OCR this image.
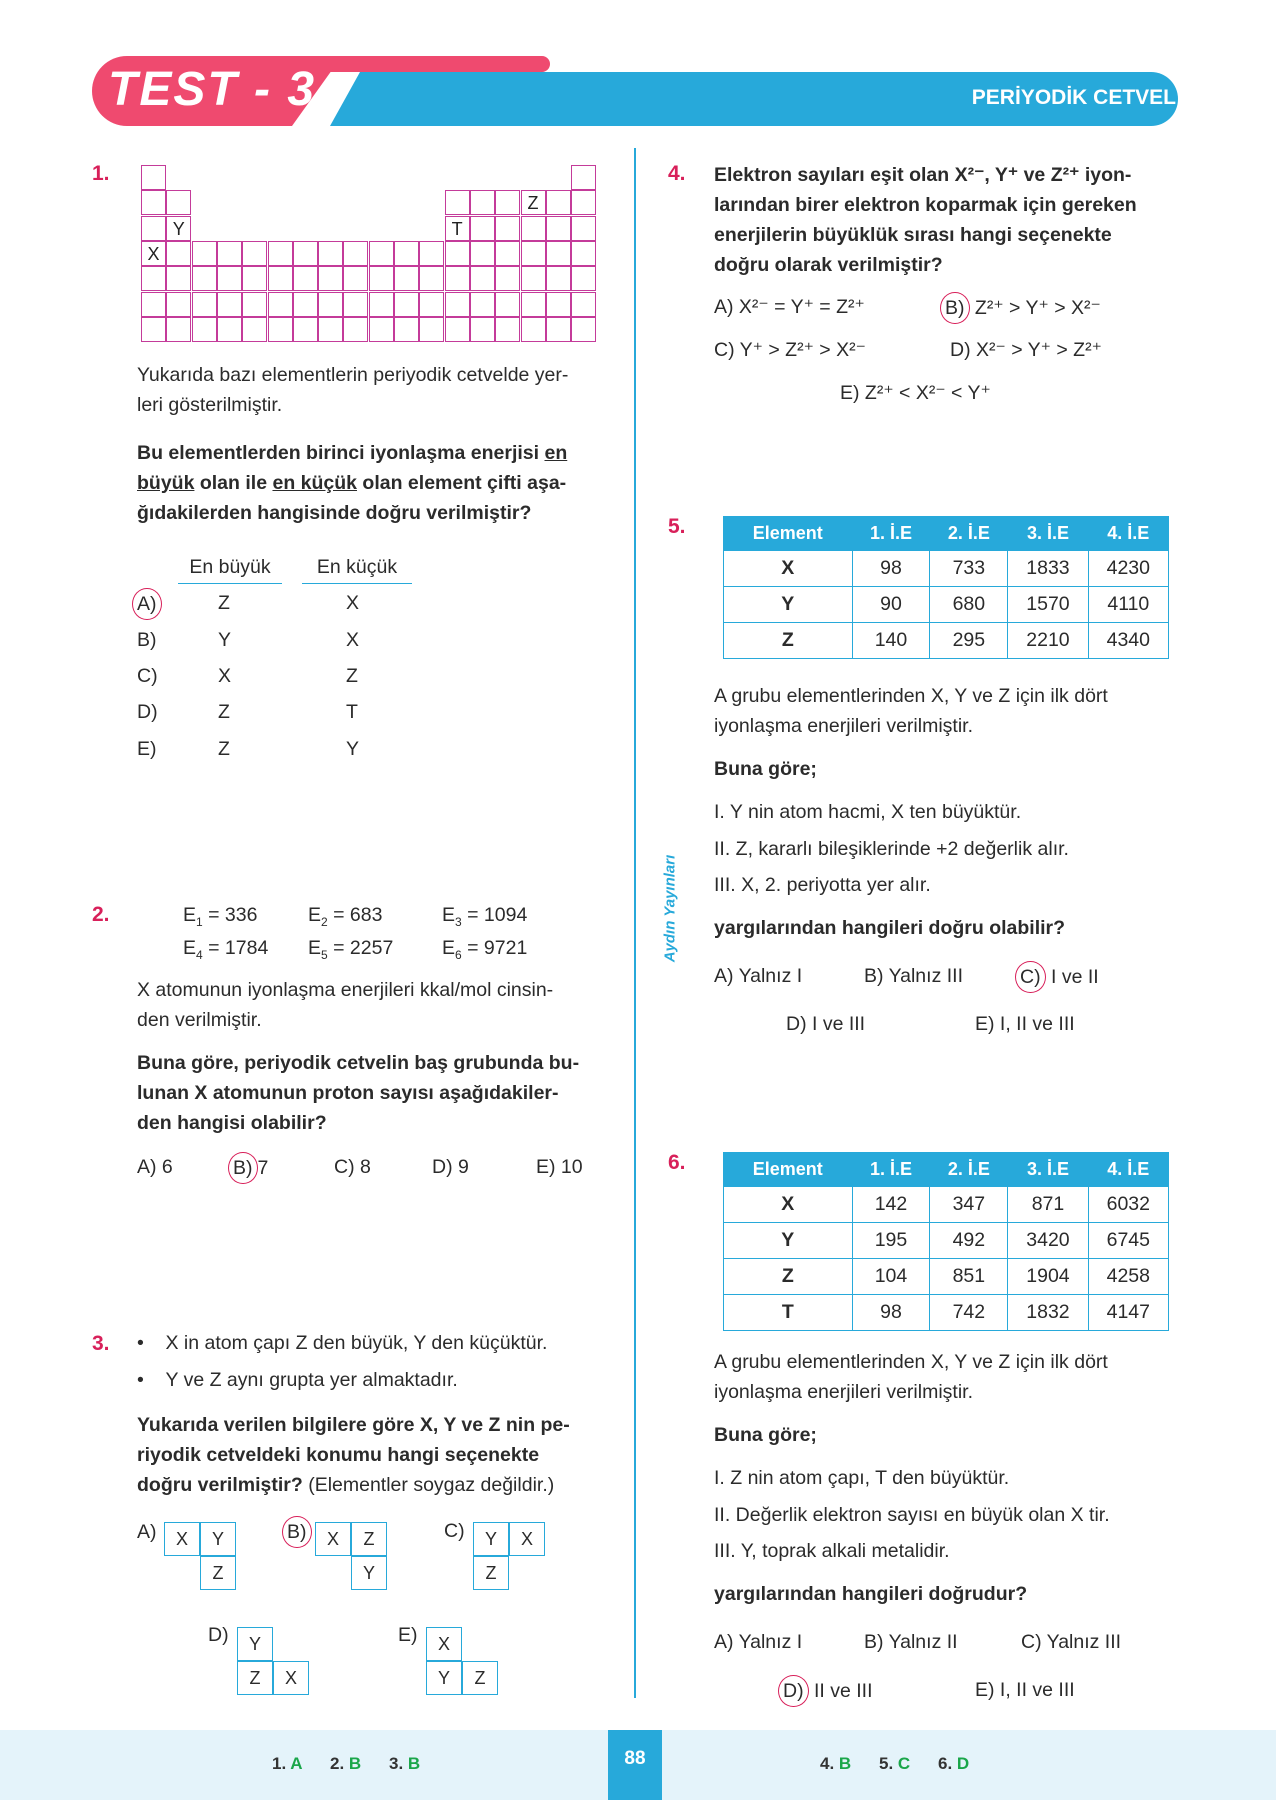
TEST - 3	PERİYODİK CETVEL
Aydın Yayınları
1.
Z
Y	T
X
Yukarıda bazı elementlerin periyodik cetvelde yer-
leri gösterilmiştir.
Bu elementlerden birinci iyonlaşma enerjisi en
büyük olan ile en küçük olan element çifti aşa-
ğıdakilerden hangisinde doğru verilmiştir?
En büyük	En küçük
A)	Z	X
B)	Y	X
C)	X	Z
D)	Z	T
E)	Z	Y
2.	$E_1 = 336$	$E_2 = 683$	$E_3 = 1094$
$E_4 = 1784$ $E_5 = 2257$ $E_6 = 9721$
X atomunun iyonlaşma enerjileri kkal/mol cinsin-
den verilmiştir.
Buna göre, periyodik cetvelin baş grubunda bu-
lunan X atomunun proton sayısı aşağıdakiler-
den hangisi olabilir?
A) 6	B) 7	C) 8	D) 9	E) 10
3. •    X in atom çapı Z den büyük, Y den küçüktür.
•    Y ve Z aynı grupta yer almaktadır.
Yukarıda verilen bilgilere göre X, Y ve Z nin pe-
riyodik cetveldeki konumu hangi seçenekte
doğru verilmiştir? (Elementler soygaz değildir.)
A)	X	Y
Z
B)	X	Z
Y
C)	Y	X
Z
D)	Y
Z	X
E)	X
Y	Z
4. Elektron sayıları eşit olan X²⁻, Y⁺ ve Z²⁺ iyon-
larından birer elektron koparmak için gereken
enerjilerin büyüklük sırası hangi seçenekte
doğru olarak verilmiştir?
A) X²⁻ = Y⁺ = Z²⁺	B) Z²⁺ > Y⁺ > X²⁻
C) Y⁺ > Z²⁺ > X²⁻	D) X²⁻ > Y⁺ > Z²⁺
E) Z²⁺ < X²⁻ < Y⁺
5.	Element	1. İ.E	2. İ.E	3. İ.E	4. İ.E
X	98	733	1833	4230
Y	90	680	1570	4110
Z	140	295	2210	4340
A grubu elementlerinden X, Y ve Z için ilk dört
iyonlaşma enerjileri verilmiştir.
Buna göre;
I. Y nin atom hacmi, X ten büyüktür.
II. Z, kararlı bileşiklerinde +2 değerlik alır.
III. X, 2. periyotta yer alır.
yargılarından hangileri doğru olabilir?
A) Yalnız I	B) Yalnız III	C) I ve II
D) I ve III	E) I, II ve III
6.	Element	1. İ.E	2. İ.E	3. İ.E	4. İ.E
X	142	347	871	6032
Y	195	492	3420	6745
Z	104	851	1904	4258
T	98	742	1832	4147
A grubu elementlerinden X, Y ve Z için ilk dört
iyonlaşma enerjileri verilmiştir.
Buna göre;
I. Z nin atom çapı, T den büyüktür.
II. Değerlik elektron sayısı en büyük olan X tir.
III. Y, toprak alkali metalidir.
yargılarından hangileri doğrudur?
A) Yalnız I	B) Yalnız II	C) Yalnız III
D) II ve III	E) I, II ve III
88
1. A 2. B 3. B	4. B 5. C 6. D
